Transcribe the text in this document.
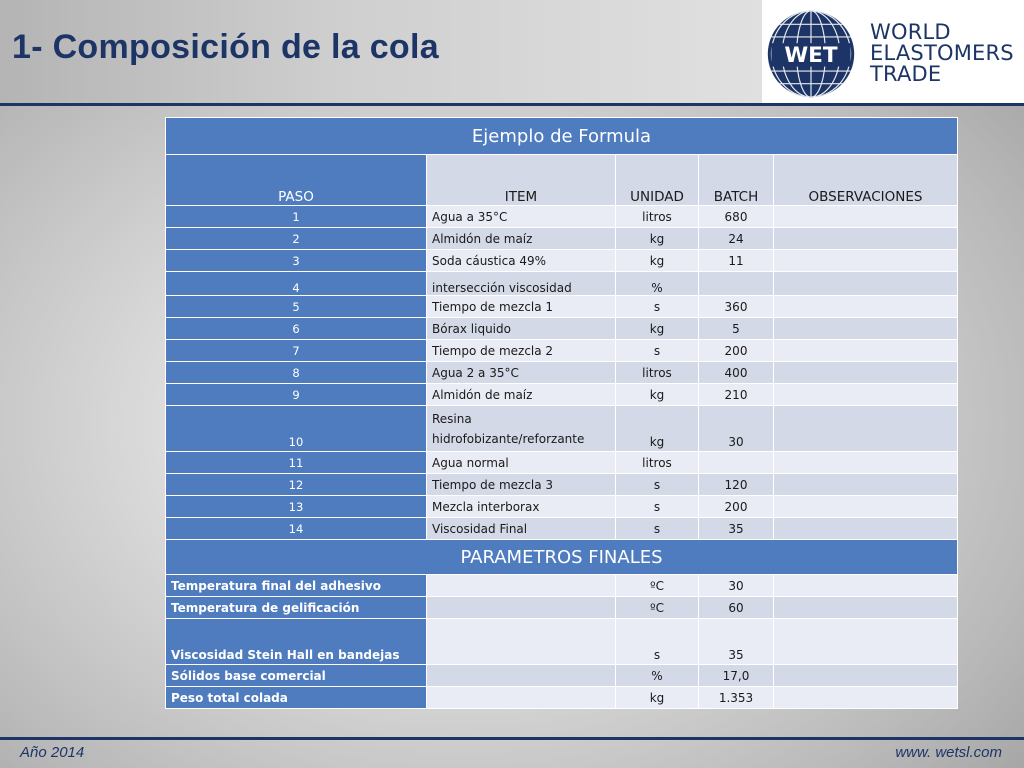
1- Composición de la cola	WET
WORLD
ELASTOMERS
TRADE
Ejemplo de Formula				
PASO	ITEM	UNIDAD	BATCH	OBSERVACIONES
1	Agua a 35°C	litros	680	
2	Almidón de maíz	kg	24	
3	Soda cáustica 49%	kg	11	
4	intersección viscosidad	%		
5	Tiempo de mezcla 1	s	360	
6	Bórax liquido	kg	5	
7	Tiempo de mezcla 2	s	200	
8	Agua 2 a 35°C	litros	400	
9	Almidón de maíz	kg	210	
10	Resina hidrofobizante/reforzante	kg	30	
11	Agua normal	litros		
12	Tiempo de mezcla 3	s	120	
13	Mezcla interborax	s	200	
14	Viscosidad Final	s	35	
PARAMETROS FINALES				
Temperatura final del adhesivo		ºC	30	
Temperatura de gelificación		ºC	60	
Viscosidad Stein Hall en bandejas		s	35	
Sólidos base comercial		%	17,0	
Peso total colada		kg	1.353	
Año 2014	www. wetsl.com
